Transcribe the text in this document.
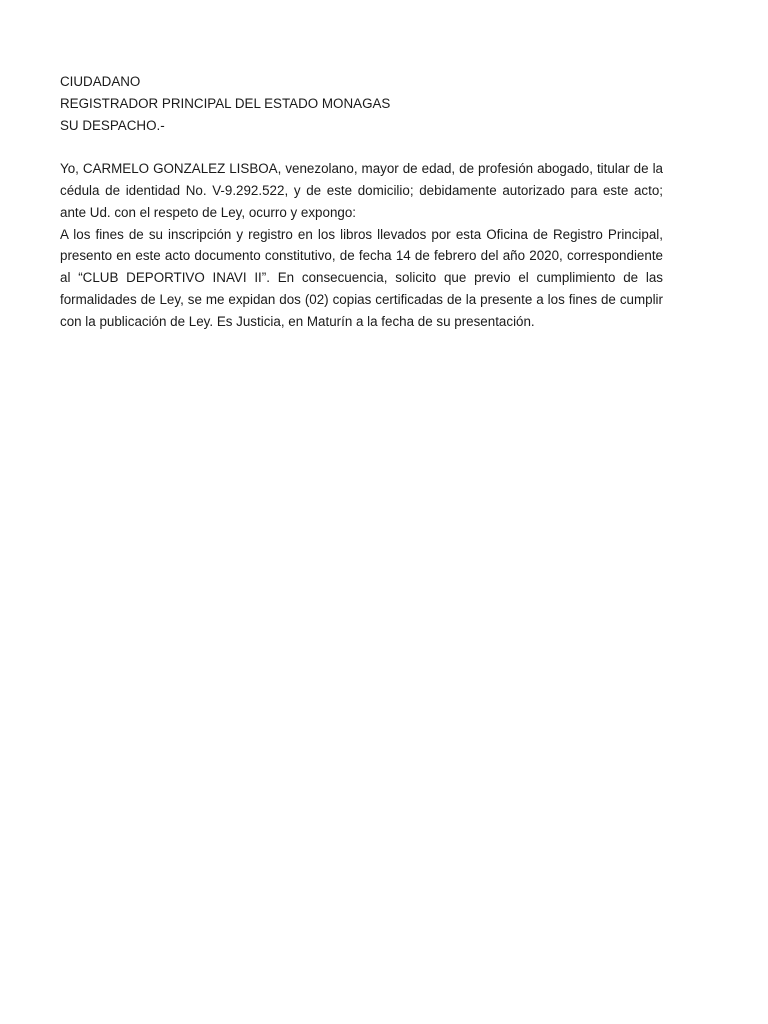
CIUDADANO
REGISTRADOR PRINCIPAL DEL ESTADO MONAGAS
SU DESPACHO.-

Yo, CARMELO GONZALEZ LISBOA, venezolano, mayor de edad, de profesión abogado, titular de la cédula de identidad No. V-9.292.522, y de este domicilio; debidamente autorizado para este acto; ante Ud. con el respeto de Ley, ocurro y expongo:

A los fines de su inscripción y registro en los libros llevados por esta Oficina de Registro Principal, presento en este acto documento constitutivo, de fecha 14 de febrero del año 2020, correspondiente al “CLUB DEPORTIVO INAVI II”. En consecuencia, solicito que previo el cumplimiento de las formalidades de Ley, se me expidan dos (02) copias certificadas de la presente a los fines de cumplir con la publicación de Ley. Es Justicia, en Maturín a la fecha de su presentación.
